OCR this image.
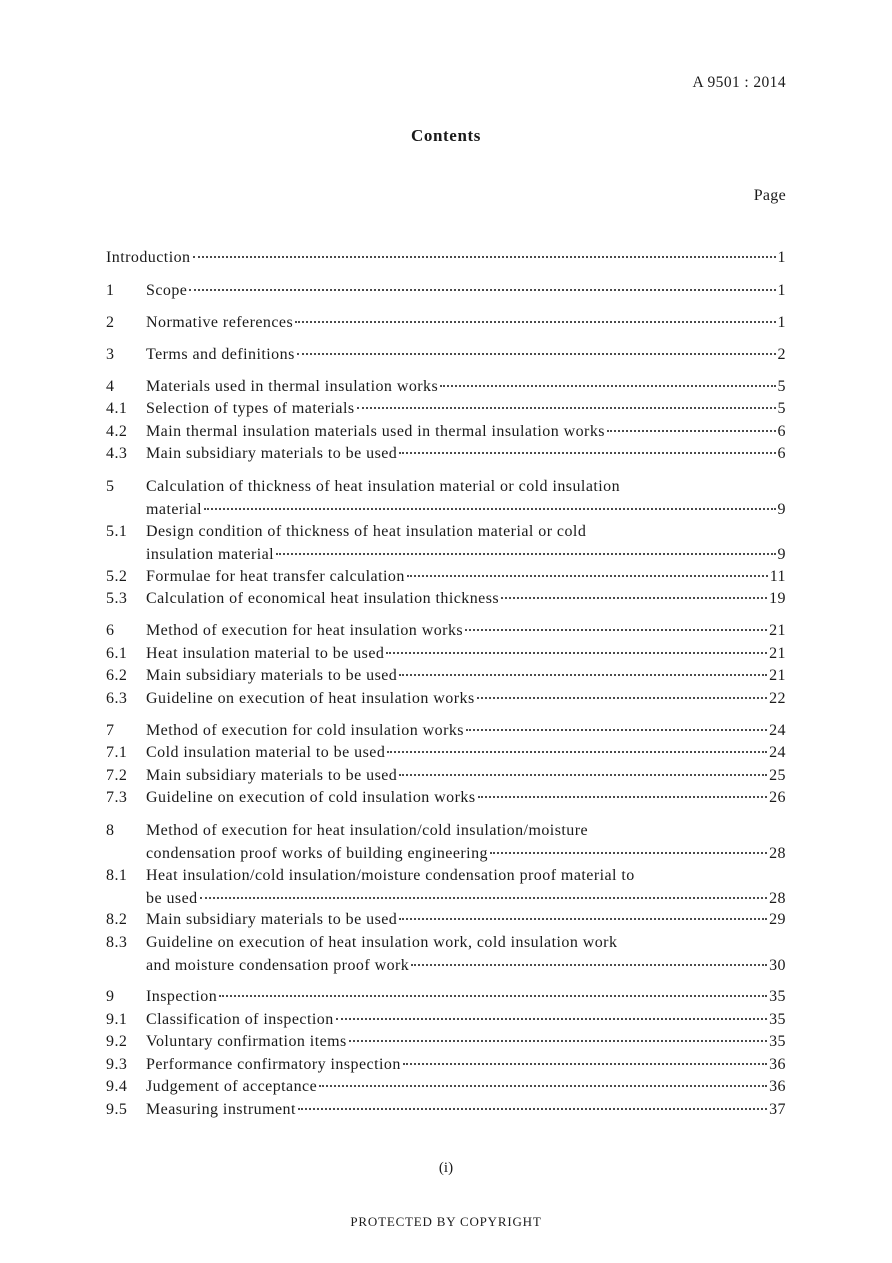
A 9501 : 2014
Contents
Page
Introduction	1
1	Scope	1
2	Normative references	1
3	Terms and definitions	2
4	Materials used in thermal insulation works	5
4.1	Selection of types of materials	5
4.2	Main thermal insulation materials used in thermal insulation works	6
4.3	Main subsidiary materials to be used	6
5	Calculation of thickness of heat insulation material or cold insulation
material	9
5.1	Design condition of thickness of heat insulation material or cold
insulation material	9
5.2	Formulae for heat transfer calculation	11
5.3	Calculation of economical heat insulation thickness	19
6	Method of execution for heat insulation works	21
6.1	Heat insulation material to be used	21
6.2	Main subsidiary materials to be used	21
6.3	Guideline on execution of heat insulation works	22
7	Method of execution for cold insulation works	24
7.1	Cold insulation material to be used	24
7.2	Main subsidiary materials to be used	25
7.3	Guideline on execution of cold insulation works	26
8	Method of execution for heat insulation/cold insulation/moisture
condensation proof works of building engineering	28
8.1	Heat insulation/cold insulation/moisture condensation proof material to
be used	28
8.2	Main subsidiary materials to be used	29
8.3	Guideline on execution of heat insulation work, cold insulation work
and moisture condensation proof work	30
9	Inspection	35
9.1	Classification of inspection	35
9.2	Voluntary confirmation items	35
9.3	Performance confirmatory inspection	36
9.4	Judgement of acceptance	36
9.5	Measuring instrument	37
(i)
PROTECTED BY COPYRIGHT
